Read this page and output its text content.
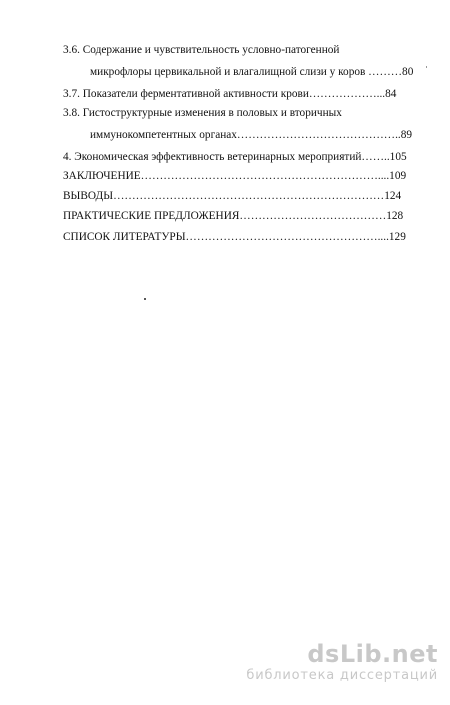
3.6. Содержание и чувствительность условно-патогенной
микрофлоры цервикальной и влагалищной слизи у коров ………80
3.7. Показатели ферментативной активности крови………………...84
3.8. Гистоструктурные изменения в половых и вторичных
иммунокомпетентных органах……………………………………..89
4. Экономическая эффективность ветеринарных мероприятий……..105
ЗАКЛЮЧЕНИЕ………………………………………………………....109
ВЫВОДЫ………………………………………………………………124
ПРАКТИЧЕСКИЕ ПРЕДЛОЖЕНИЯ…………………………………128
СПИСОК ЛИТЕРАТУРЫ……………………………………………....129
dsLib.net
библиотека диссертаций
